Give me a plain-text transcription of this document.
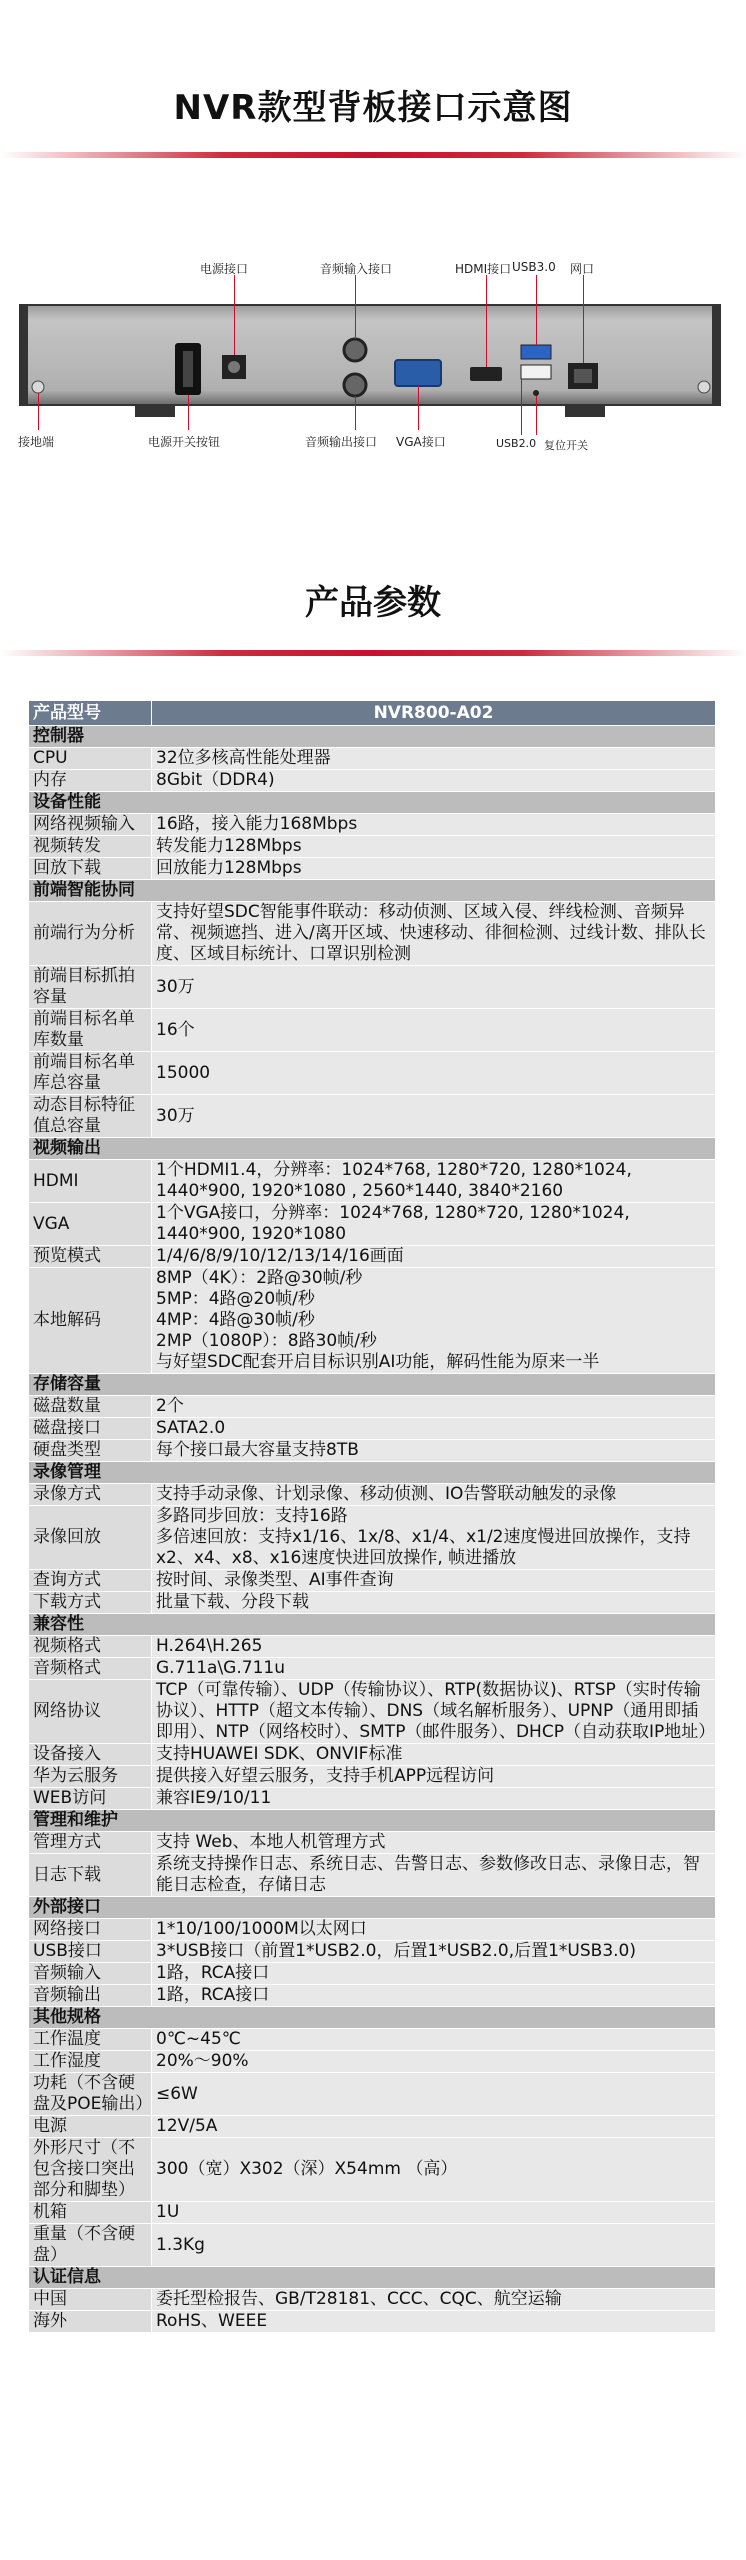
NVR款型背板接口示意图
电源接口	音频输入接口	HDMI接口 USB3.0 网口
接地端	电源开关按钮	音频输出接口 VGA接口	USB2.0 复位开关
产品参数
产品型号	NVR800-A02
控制器	
CPU	32位多核高性能处理器
内存	8Gbit（DDR4)
设备性能	
网络视频输入	16路，接入能力168Mbps
视频转发	转发能力128Mbps
回放下载	回放能力128Mbps
前端智能协同	
前端行为分析	支持好望SDC智能事件联动：移动侦测、区域入侵、绊线检测、音频异常、视频遮挡、进入/离开区域、快速移动、徘徊检测、过线计数、排队长度、区域目标统计、口罩识别检测
前端目标抓拍容量	30万
前端目标名单库数量	16个
前端目标名单库总容量	15000
动态目标特征值总容量	30万
视频输出	
HDMI	1个HDMI1.4，分辨率：1024*768, 1280*720, 1280*1024, 1440*900, 1920*1080 , 2560*1440, 3840*2160
VGA	1个VGA接口，分辨率：1024*768, 1280*720, 1280*1024, 1440*900, 1920*1080
预览模式	1/4/6/8/9/10/12/13/14/16画面
本地解码	8MP（4K）：2路@30帧/秒
5MP：4路@20帧/秒
4MP：4路@30帧/秒
2MP（1080P）：8路30帧/秒
与好望SDC配套开启目标识别AI功能，解码性能为原来一半
存储容量	
磁盘数量	2个
磁盘接口	SATA2.0
硬盘类型	每个接口最大容量支持8TB
录像管理	
录像方式	支持手动录像、计划录像、移动侦测、IO告警联动触发的录像
录像回放	多路同步回放：支持16路
多倍速回放：支持x1/16、1x/8、x1/4、x1/2速度慢进回放操作，支持x2、x4、x8、x16速度快进回放操作, 帧进播放
查询方式	按时间、录像类型、AI事件查询
下载方式	批量下载、分段下载
兼容性	
视频格式	H.264\H.265
音频格式	G.711a\G.711u
网络协议	TCP（可靠传输）、UDP（传输协议）、RTP(数据协议)、RTSP（实时传输协议）、HTTP（超文本传输）、DNS（域名解析服务）、UPNP（通用即插即用）、NTP（网络校时）、SMTP（邮件服务）、DHCP（自动获取IP地址）
设备接入	支持HUAWEI SDK、ONVIF标准
华为云服务	提供接入好望云服务，支持手机APP远程访问
WEB访问	兼容IE9/10/11
管理和维护	
管理方式	支持 Web、本地人机管理方式
日志下载	系统支持操作日志、系统日志、告警日志、参数修改日志、录像日志，智能日志检查，存储日志
外部接口	
网络接口	1*10/100/1000M以太网口
USB接口	3*USB接口（前置1*USB2.0，后置1*USB2.0,后置1*USB3.0)
音频输入	1路，RCA接口
音频输出	1路，RCA接口
其他规格	
工作温度	0℃~45℃
工作湿度	20%～90%
功耗（不含硬盘及POE输出）	≤6W
电源	12V/5A
外形尺寸（不包含接口突出部分和脚垫）	300（宽）X302（深）X54mm （高）
机箱	1U
重量（不含硬盘）	1.3Kg
认证信息	
中国	委托型检报告、GB/T28181、CCC、CQC、航空运输
海外	RoHS、WEEE
